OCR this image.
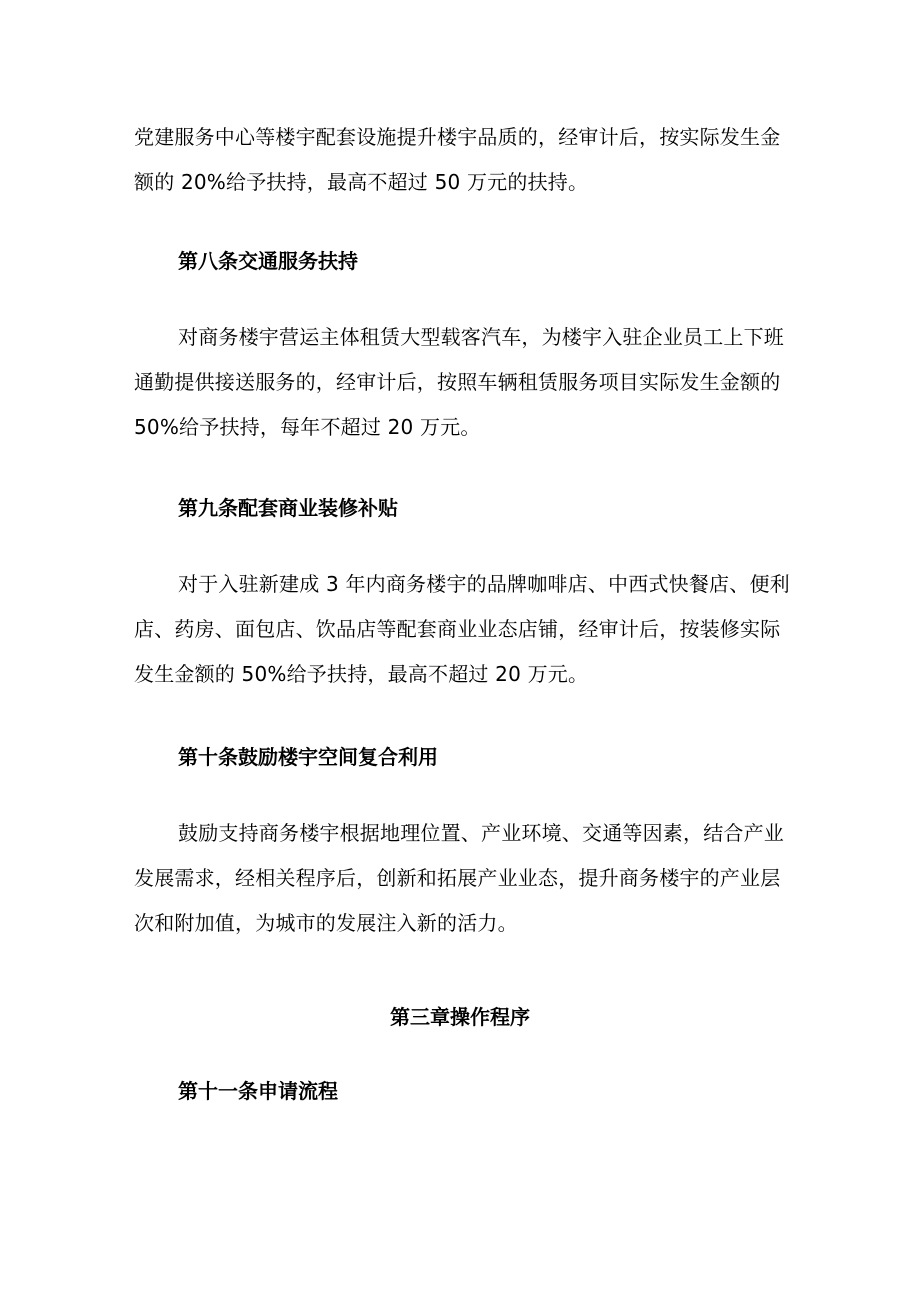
党建服务中心等楼宇配套设施提升楼宇品质的，经审计后，按实际发生金
额的 20%给予扶持，最高不超过 50 万元的扶持。
第八条交通服务扶持
对商务楼宇营运主体租赁大型载客汽车，为楼宇入驻企业员工上下班
通勤提供接送服务的，经审计后，按照车辆租赁服务项目实际发生金额的
50%给予扶持，每年不超过 20 万元。
第九条配套商业装修补贴
对于入驻新建成 3 年内商务楼宇的品牌咖啡店、中西式快餐店、便利
店、药房、面包店、饮品店等配套商业业态店铺，经审计后，按装修实际
发生金额的 50%给予扶持，最高不超过 20 万元。
第十条鼓励楼宇空间复合利用
鼓励支持商务楼宇根据地理位置、产业环境、交通等因素，结合产业
发展需求，经相关程序后，创新和拓展产业业态，提升商务楼宇的产业层
次和附加值，为城市的发展注入新的活力。
第三章操作程序
第十一条申请流程
